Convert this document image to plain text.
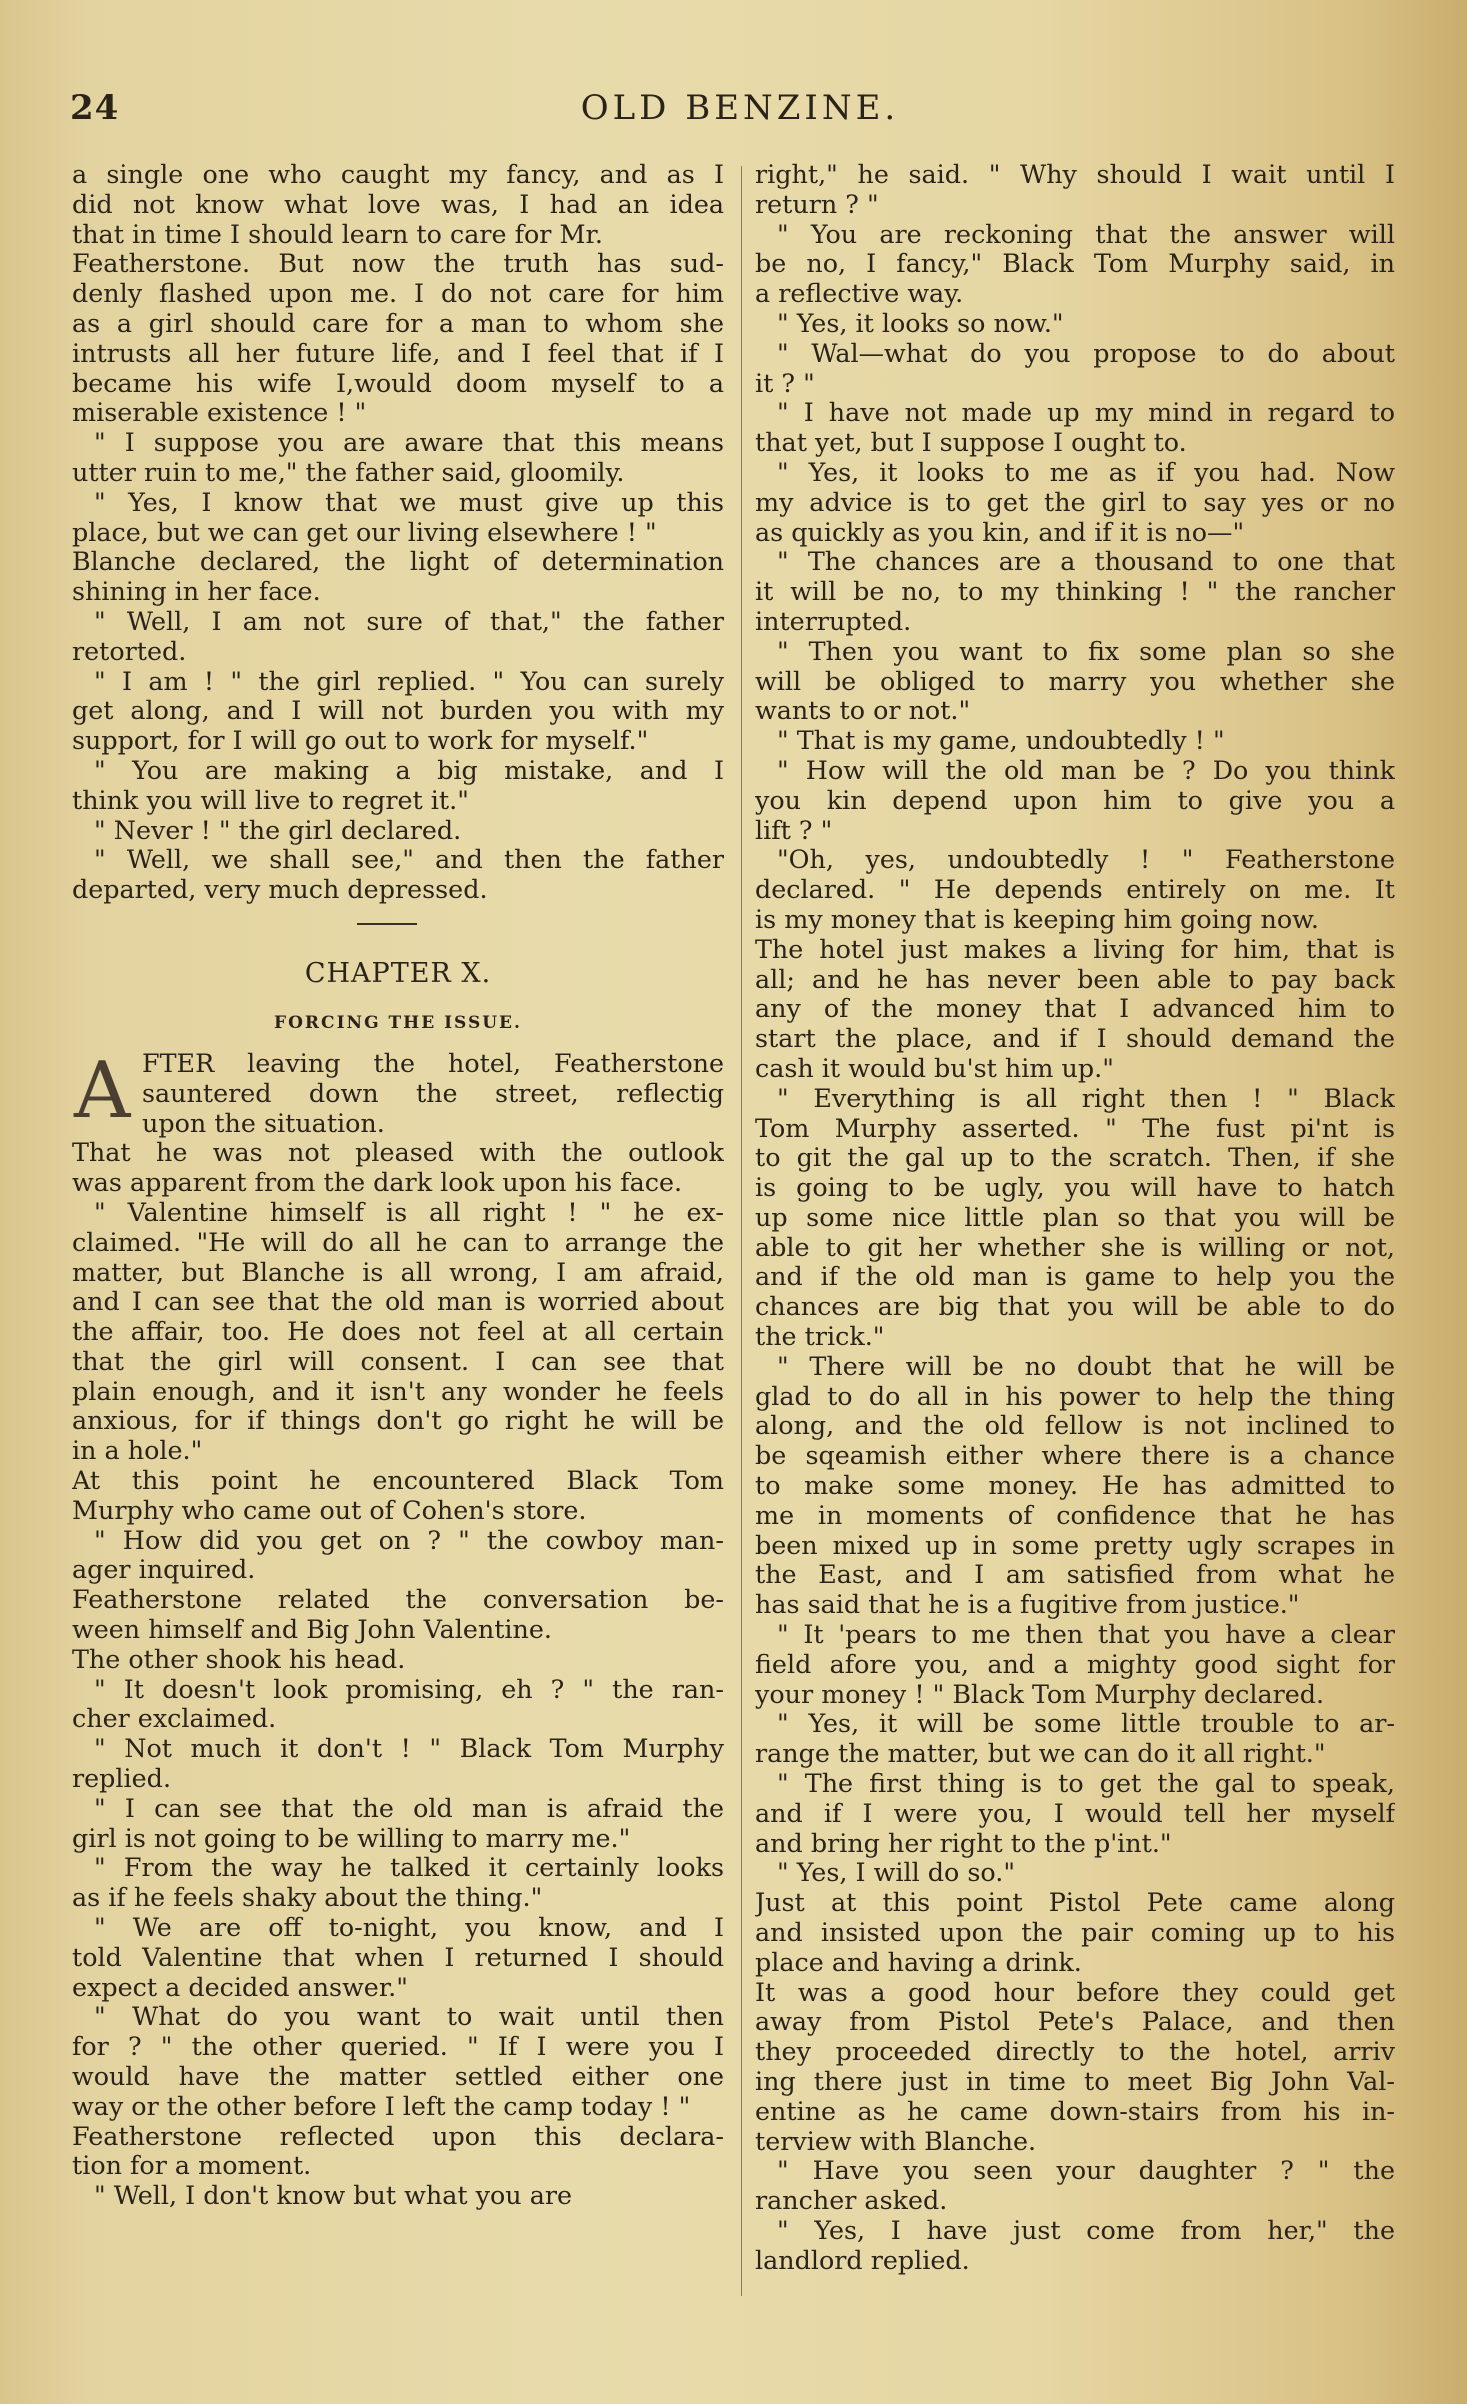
24	OLD BENZINE.
a single one who caught my fancy, and as I
did not know what love was, I had an idea
that in time I should learn to care for Mr.
Featherstone. But now the truth has sud-
denly flashed upon me. I do not care for him
as a girl should care for a man to whom she
intrusts all her future life, and I feel that if I
became his wife I,would doom myself to a
miserable existence ! "
" I suppose you are aware that this means
utter ruin to me," the father said, gloomily.
" Yes, I know that we must give up this
place, but we can get our living elsewhere ! "
Blanche declared, the light of determination
shining in her face.
" Well, I am not sure of that," the father
retorted.
" I am ! " the girl replied. " You can surely
get along, and I will not burden you with my
support, for I will go out to work for myself."
" You are making a big mistake, and I
think you will live to regret it."
" Never ! " the girl declared.
" Well, we shall see," and then the father
departed, very much depressed.
CHAPTER X.
FORCING THE ISSUE.
A FTER leaving the hotel, Featherstone
sauntered down the street, reflectig
upon the situation.
That he was not pleased with the outlook
was apparent from the dark look upon his face.
" Valentine himself is all right ! " he ex-
claimed. "He will do all he can to arrange the
matter, but Blanche is all wrong, I am afraid,
and I can see that the old man is worried about
the affair, too. He does not feel at all certain
that the girl will consent. I can see that
plain enough, and it isn't any wonder he feels
anxious, for if things don't go right he will be
in a hole."
At this point he encountered Black Tom
Murphy who came out of Cohen's store.
" How did you get on ? " the cowboy man-
ager inquired.
Featherstone related the conversation be-
ween himself and Big John Valentine.
The other shook his head.
" It doesn't look promising, eh ? " the ran-
cher exclaimed.
" Not much it don't ! " Black Tom Murphy
replied.
" I can see that the old man is afraid the
girl is not going to be willing to marry me."
" From the way he talked it certainly looks
as if he feels shaky about the thing."
" We are off to-night, you know, and I
told Valentine that when I returned I should
expect a decided answer."
" What do you want to wait until then
for ? " the other queried. " If I were you I
would have the matter settled either one
way or the other before I left the camp today ! "
Featherstone reflected upon this declara-
tion for a moment.
" Well, I don't know but what you are
right," he said. " Why should I wait until I
return ? "
" You are reckoning that the answer will
be no, I fancy," Black Tom Murphy said, in
a reflective way.
" Yes, it looks so now."
" Wal—what do you propose to do about
it ? "
" I have not made up my mind in regard to
that yet, but I suppose I ought to.
" Yes, it looks to me as if you had. Now
my advice is to get the girl to say yes or no
as quickly as you kin, and if it is no—"
" The chances are a thousand to one that
it will be no, to my thinking ! " the rancher
interrupted.
" Then you want to fix some plan so she
will be obliged to marry you whether she
wants to or not."
" That is my game, undoubtedly ! "
" How will the old man be ? Do you think
you kin depend upon him to give you a
lift ? "
"Oh, yes, undoubtedly ! " Featherstone
declared. " He depends entirely on me. It
is my money that is keeping him going now.
The hotel just makes a living for him, that is
all; and he has never been able to pay back
any of the money that I advanced him to
start the place, and if I should demand the
cash it would bu'st him up."
" Everything is all right then ! " Black
Tom Murphy asserted. " The fust pi'nt is
to git the gal up to the scratch. Then, if she
is going to be ugly, you will have to hatch
up some nice little plan so that you will be
able to git her whether she is willing or not,
and if the old man is game to help you the
chances are big that you will be able to do
the trick."
" There will be no doubt that he will be
glad to do all in his power to help the thing
along, and the old fellow is not inclined to
be sqeamish either where there is a chance
to make some money. He has admitted to
me in moments of confidence that he has
been mixed up in some pretty ugly scrapes in
the East, and I am satisfied from what he
has said that he is a fugitive from justice."
" It 'pears to me then that you have a clear
field afore you, and a mighty good sight for
your money ! " Black Tom Murphy declared.
" Yes, it will be some little trouble to ar-
range the matter, but we can do it all right."
" The first thing is to get the gal to speak,
and if I were you, I would tell her myself
and bring her right to the p'int."
" Yes, I will do so."
Just at this point Pistol Pete came along
and insisted upon the pair coming up to his
place and having a drink.
It was a good hour before they could get
away from Pistol Pete's Palace, and then
they proceeded directly to the hotel, arriv
ing there just in time to meet Big John Val-
entine as he came down-stairs from his in-
terview with Blanche.
" Have you seen your daughter ? " the
rancher asked.
" Yes, I have just come from her," the
landlord replied.
